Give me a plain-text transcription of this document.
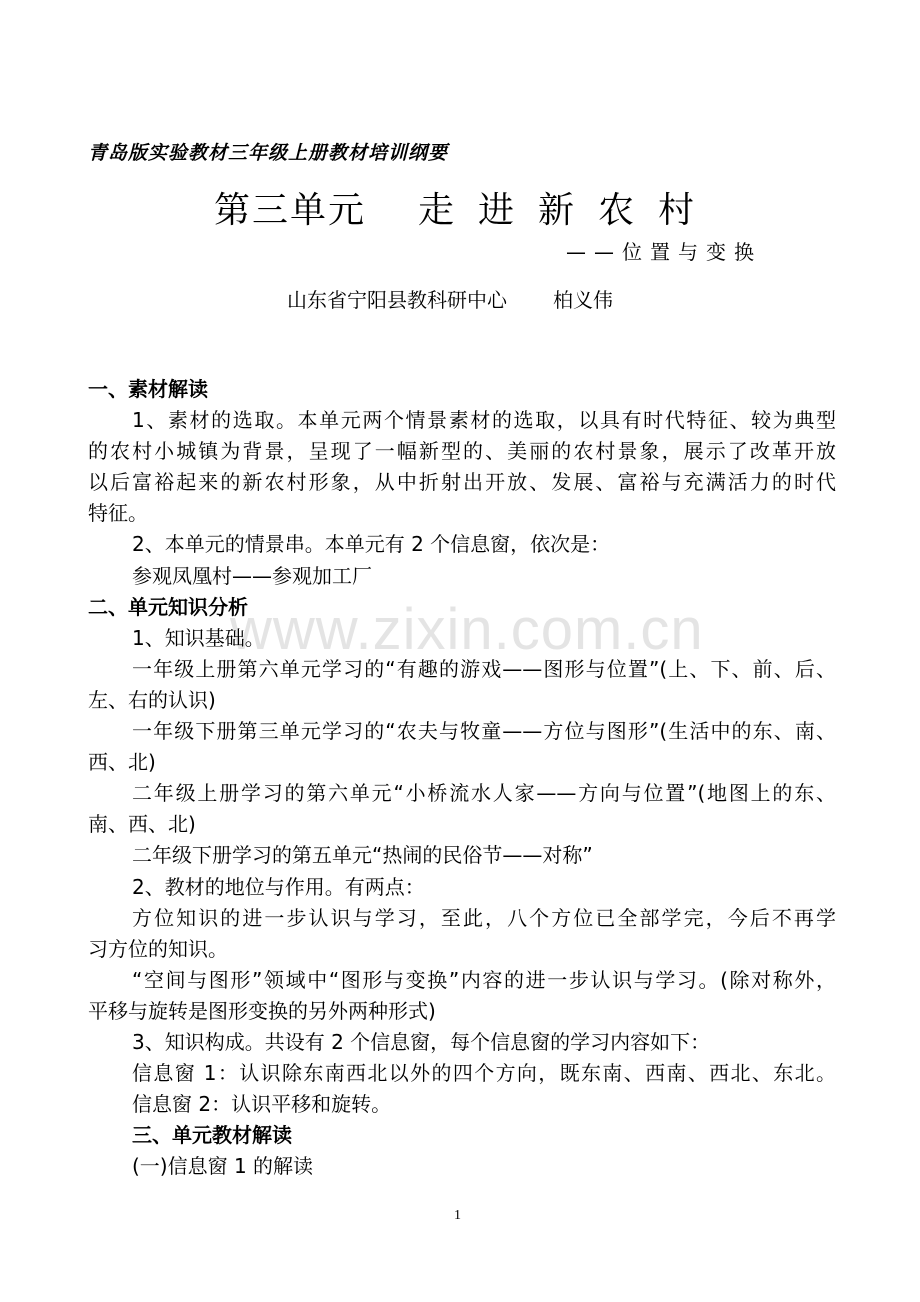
青岛版实验教材三年级上册教材培训纲要
第三单元 走进新农村
——位置与变换
山东省宁阳县教科研中心 柏义伟
www.zixin.com.cn
一、素材解读
1、素材的选取。本单元两个情景素材的选取，以具有时代特征、较为典型
的农村小城镇为背景，呈现了一幅新型的、美丽的农村景象，展示了改革开放
以后富裕起来的新农村形象，从中折射出开放、发展、富裕与充满活力的时代
特征。
2、本单元的情景串。本单元有 2 个信息窗，依次是：
参观凤凰村——参观加工厂
二、单元知识分析
1、知识基础。
一年级上册第六单元学习的“有趣的游戏——图形与位置”(上、下、前、后、
左、右的认识)
一年级下册第三单元学习的“农夫与牧童——方位与图形”(生活中的东、南、
西、北)
二年级上册学习的第六单元“小桥流水人家——方向与位置”(地图上的东、
南、西、北)
二年级下册学习的第五单元“热闹的民俗节——对称”
2、教材的地位与作用。有两点：
方位知识的进一步认识与学习，至此，八个方位已全部学完，今后不再学
习方位的知识。
“空间与图形”领域中“图形与变换”内容的进一步认识与学习。(除对称外，
平移与旋转是图形变换的另外两种形式)
3、知识构成。共设有 2 个信息窗，每个信息窗的学习内容如下：
信息窗 1：认识除东南西北以外的四个方向，既东南、西南、西北、东北。
信息窗 2：认识平移和旋转。
三、单元教材解读
(一)信息窗 1 的解读
1
